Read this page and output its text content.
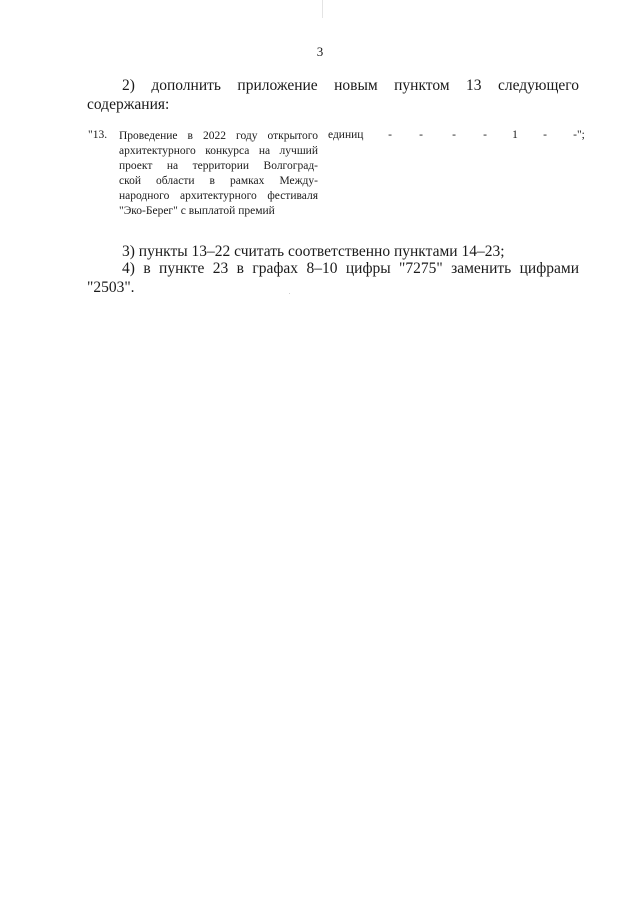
3
2) дополнить приложение новым пунктом 13 следующего
содержания:
"13. Проведение в 2022 году открытого
архитектурного конкурса на лучший
проект на территории Волгоград-
ской области в рамках Между-
народного архитектурного фестиваля
"Эко-Берег" с выплатой премий
единиц	-	-	-	-	1	-	-";
3) пункты 13–22 считать соответственно пунктами 14–23;
4) в пункте 23 в графах 8–10 цифры "7275" заменить цифрами
"2503".
